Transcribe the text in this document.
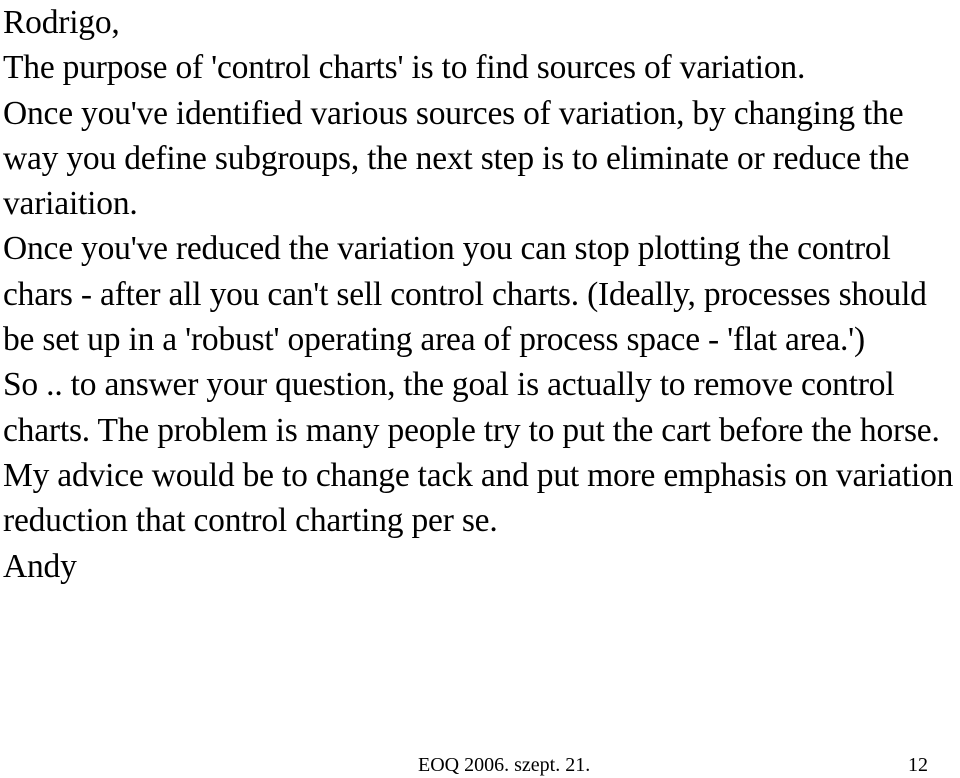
Rodrigo,

The purpose of 'control charts' is to find sources of variation.

Once you've identified various sources of variation, by changing the way you define subgroups, the next step is to eliminate or reduce the variaition.

Once you've reduced the variation you can stop plotting the control chars - after all you can't sell control charts. (Ideally, processes should be set up in a 'robust' operating area of process space - 'flat area.')

So .. to answer your question, the goal is actually to remove control charts. The problem is many people try to put the cart before the horse.

My advice would be to change tack and put more emphasis on variation reduction that control charting per se.

Andy

EOQ 2006. szept. 21.	12
